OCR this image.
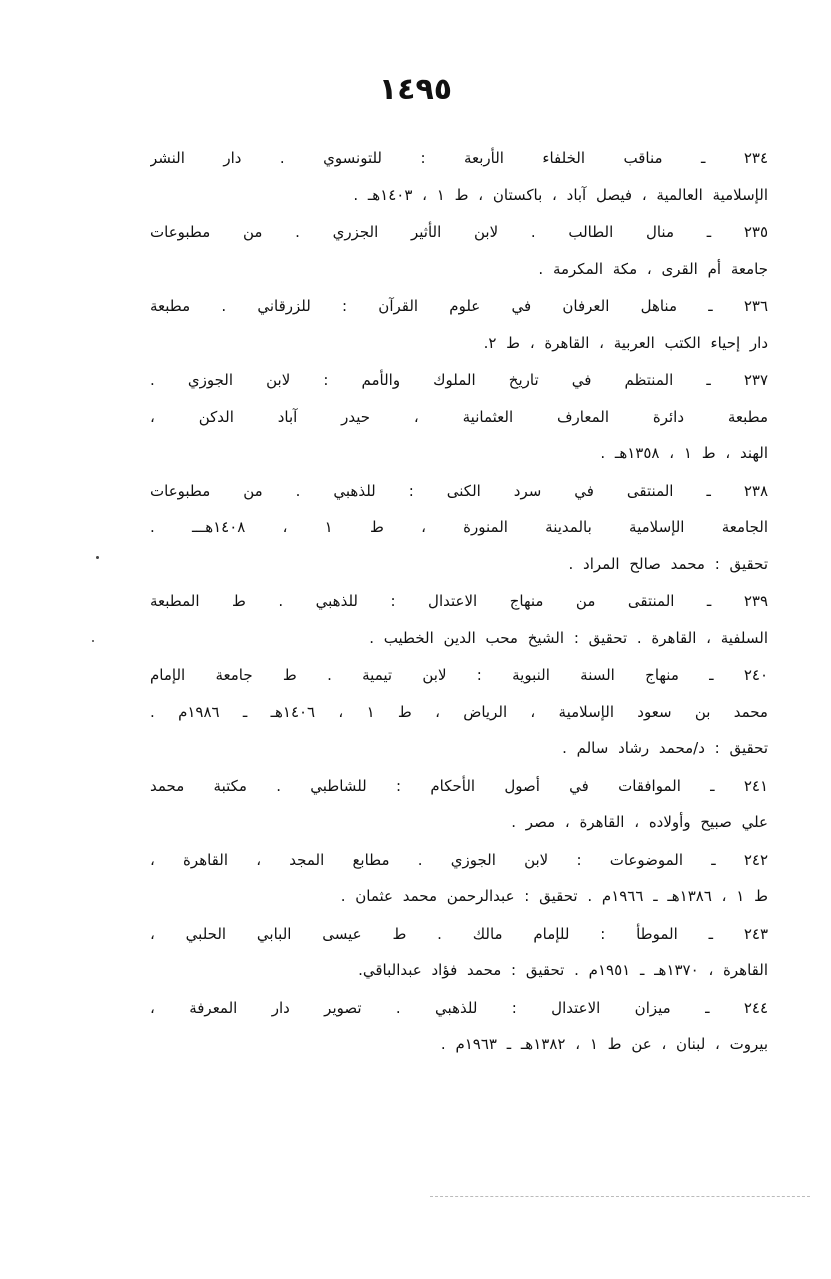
١٤٩٥
٢٣٤ ـ مناقب الخلفاء الأربعة : للتونسوي . دار النشر
الإسلامية العالمية ، فيصل آباد ، باكستان ، ط ١ ، ١٤٠٣هـ .
٢٣٥ ـ منال الطالب . لابن الأثير الجزري . من مطبوعات
جامعة أم القرى ، مكة المكرمة .
٢٣٦ ـ مناهل العرفان في علوم القرآن : للزرقاني . مطبعة
دار إحياء الكتب العربية ، القاهرة ، ط ٢.
٢٣٧ ـ المنتظم في تاريخ الملوك والأمم : لابن الجوزي .
مطبعة دائرة المعارف العثمانية ، حيدر آباد الدكن ،
الهند ، ط ١ ، ١٣٥٨هـ .
٢٣٨ ـ المنتقى في سرد الكنى : للذهبي . من مطبوعات
الجامعة الإسلامية بالمدينة المنورة ، ط ١ ، ١٤٠٨هـــ .
تحقيق : محمد صالح المراد .
٢٣٩ ـ المنتقى من منهاج الاعتدال : للذهبي . ط المطبعة
السلفية ، القاهرة . تحقيق : الشيخ محب الدين الخطيب .
٢٤٠ ـ منهاج السنة النبوية : لابن تيمية . ط جامعة الإمام
محمد بن سعود الإسلامية ، الرياض ، ط ١ ، ١٤٠٦هـ ـ ١٩٨٦م .
تحقيق : د/محمد رشاد سالم .
٢٤١ ـ الموافقات في أصول الأحكام : للشاطبي . مكتبة محمد
علي صبيح وأولاده ، القاهرة ، مصر .
٢٤٢ ـ الموضوعات : لابن الجوزي . مطابع المجد ، القاهرة ،
ط ١ ، ١٣٨٦هـ ـ ١٩٦٦م . تحقيق : عبدالرحمن محمد عثمان .
٢٤٣ ـ الموطأ : للإمام مالك . ط عيسى البابي الحلبي ،
القاهرة ، ١٣٧٠هـ ـ ١٩٥١م . تحقيق : محمد فؤاد عبدالباقي.
٢٤٤ ـ ميزان الاعتدال : للذهبي . تصوير دار المعرفة ،
بيروت ، لبنان ، عن ط ١ ، ١٣٨٢هـ ـ ١٩٦٣م .
